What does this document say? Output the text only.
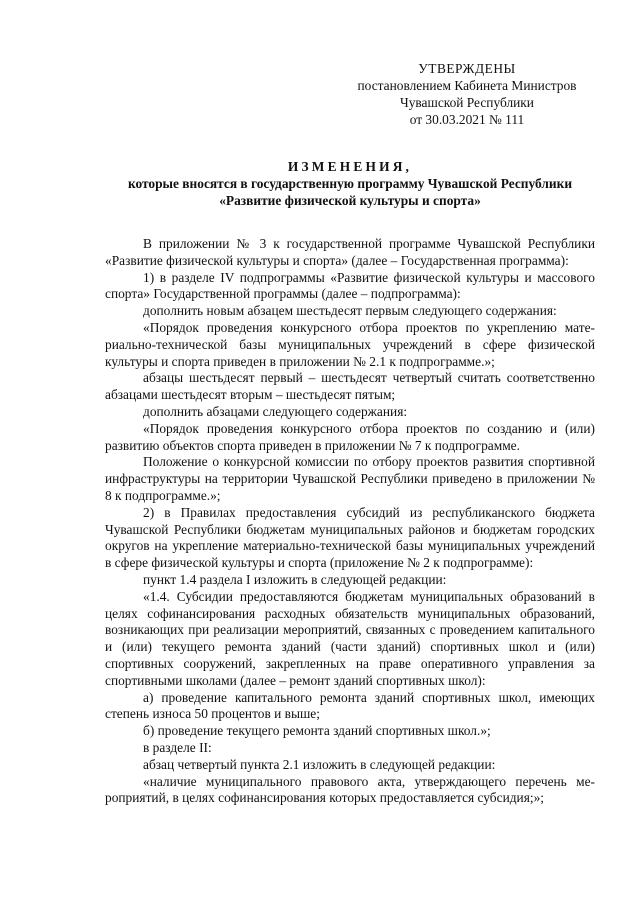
УТВЕРЖДЕНЫ
постановлением Кабинета Министров
Чувашской Республики
от 30.03.2021 № 111
ИЗМЕНЕНИЯ,
которые вносятся в государственную программу Чувашской Республики
«Развитие физической культуры и спорта»

В приложении № 3 к государственной программе Чувашской Республики «Развитие физической культуры и спорта» (далее – Государственная программа):

1) в разделе IV подпрограммы «Развитие физической культуры и массового спорта» Государственной программы (далее – подпрограмма):

дополнить новым абзацем шестьдесят первым следующего содержания:

«Порядок проведения конкурсного отбора проектов по укреплению материально-технической базы муниципальных учреждений в сфере физической культуры и спорта приведен в приложении № 2.1 к подпрограмме.»;

абзацы шестьдесят первый – шестьдесят четвертый считать соответственно абзацами шестьдесят вторым – шестьдесят пятым;

дополнить абзацами следующего содержания:

«Порядок проведения конкурсного отбора проектов по созданию и (или) развитию объектов спорта приведен в приложении № 7 к подпрограмме.

Положение о конкурсной комиссии по отбору проектов развития спортивной инфраструктуры на территории Чувашской Республики приведено в приложении № 8 к подпрограмме.»;

2) в Правилах предоставления субсидий из республиканского бюджета Чувашской Республики бюджетам муниципальных районов и бюджетам городских округов на укрепление материально-технической базы муниципальных учреждений в сфере физической культуры и спорта (приложение № 2 к подпрограмме):

пункт 1.4 раздела I изложить в следующей редакции:

«1.4. Субсидии предоставляются бюджетам муниципальных образований в целях софинансирования расходных обязательств муниципальных образований, возникающих при реализации мероприятий, связанных с проведением капитального и (или) текущего ремонта зданий (части зданий) спортивных школ и (или) спортивных сооружений, закрепленных на праве оперативного управления за спортивными школами (далее – ремонт зданий спортивных школ):

а) проведение капитального ремонта зданий спортивных школ, имеющих степень износа 50 процентов и выше;

б) проведение текущего ремонта зданий спортивных школ.»;

в разделе II:

абзац четвертый пункта 2.1 изложить в следующей редакции:

«наличие муниципального правового акта, утверждающего перечень мероприятий, в целях софинансирования которых предоставляется субсидия;»;
